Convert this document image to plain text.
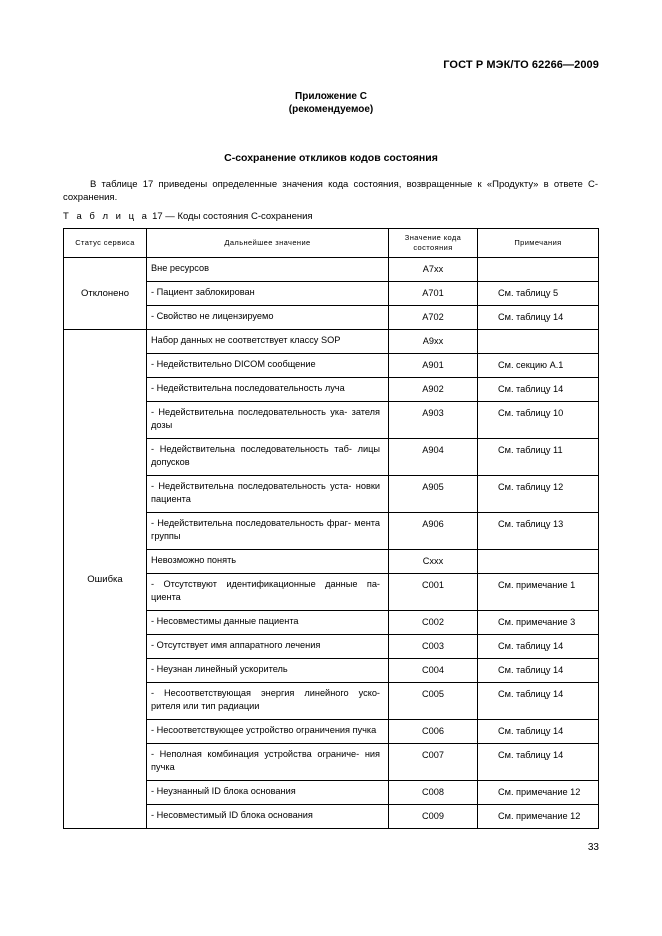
ГОСТ Р МЭК/ТО 62266—2009
Приложение С
(рекомендуемое)
С-сохранение откликов кодов состояния
В таблице 17 приведены определенные значения кода состояния, возвращенные к «Продукту» в ответе С-сохранения.
Т а б л и ц а 17 — Коды состояния С-сохранения
Статус сервиса	Дальнейшее значение	Значение кода состояния	Примечания
Отклонено	Вне ресурсов	A7xx	
	- Пациент заблокирован	A701	См. таблицу 5
	- Свойство не лицензируемо	A702	См. таблицу 14
Ошибка	Набор данных не соответствует классу SOP	A9xx	
	- Недействительно DICOM сообщение	A901	См. секцию А.1
	- Недействительна последовательность луча	A902	См. таблицу 14
	- Недействительна последовательность ука- зателя дозы	A903	См. таблицу 10
	- Недействительна последовательность таб- лицы допусков	A904	См. таблицу 11
	- Недействительна последовательность уста- новки пациента	A905	См. таблицу 12
	- Недействительна последовательность фраг- мента группы	A906	См. таблицу 13
	Невозможно понять	Cxxx	
	- Отсутствуют идентификационные данные па- циента	C001	См. примечание 1
	- Несовместимы данные пациента	C002	См. примечание 3
	- Отсутствует имя аппаратного лечения	C003	См. таблицу 14
	- Неузнан линейный ускоритель	C004	См. таблицу 14
	- Несоответствующая энергия линейного уско- рителя или тип радиации	C005	См. таблицу 14
	- Несоответствующее устройство ограничения пучка	C006	См. таблицу 14
	- Неполная комбинация устройства ограниче- ния пучка	C007	См. таблицу 14
	- Неузнанный ID блока основания	C008	См. примечание 12
	- Несовместимый ID блока основания	C009	См. примечание 12
33
